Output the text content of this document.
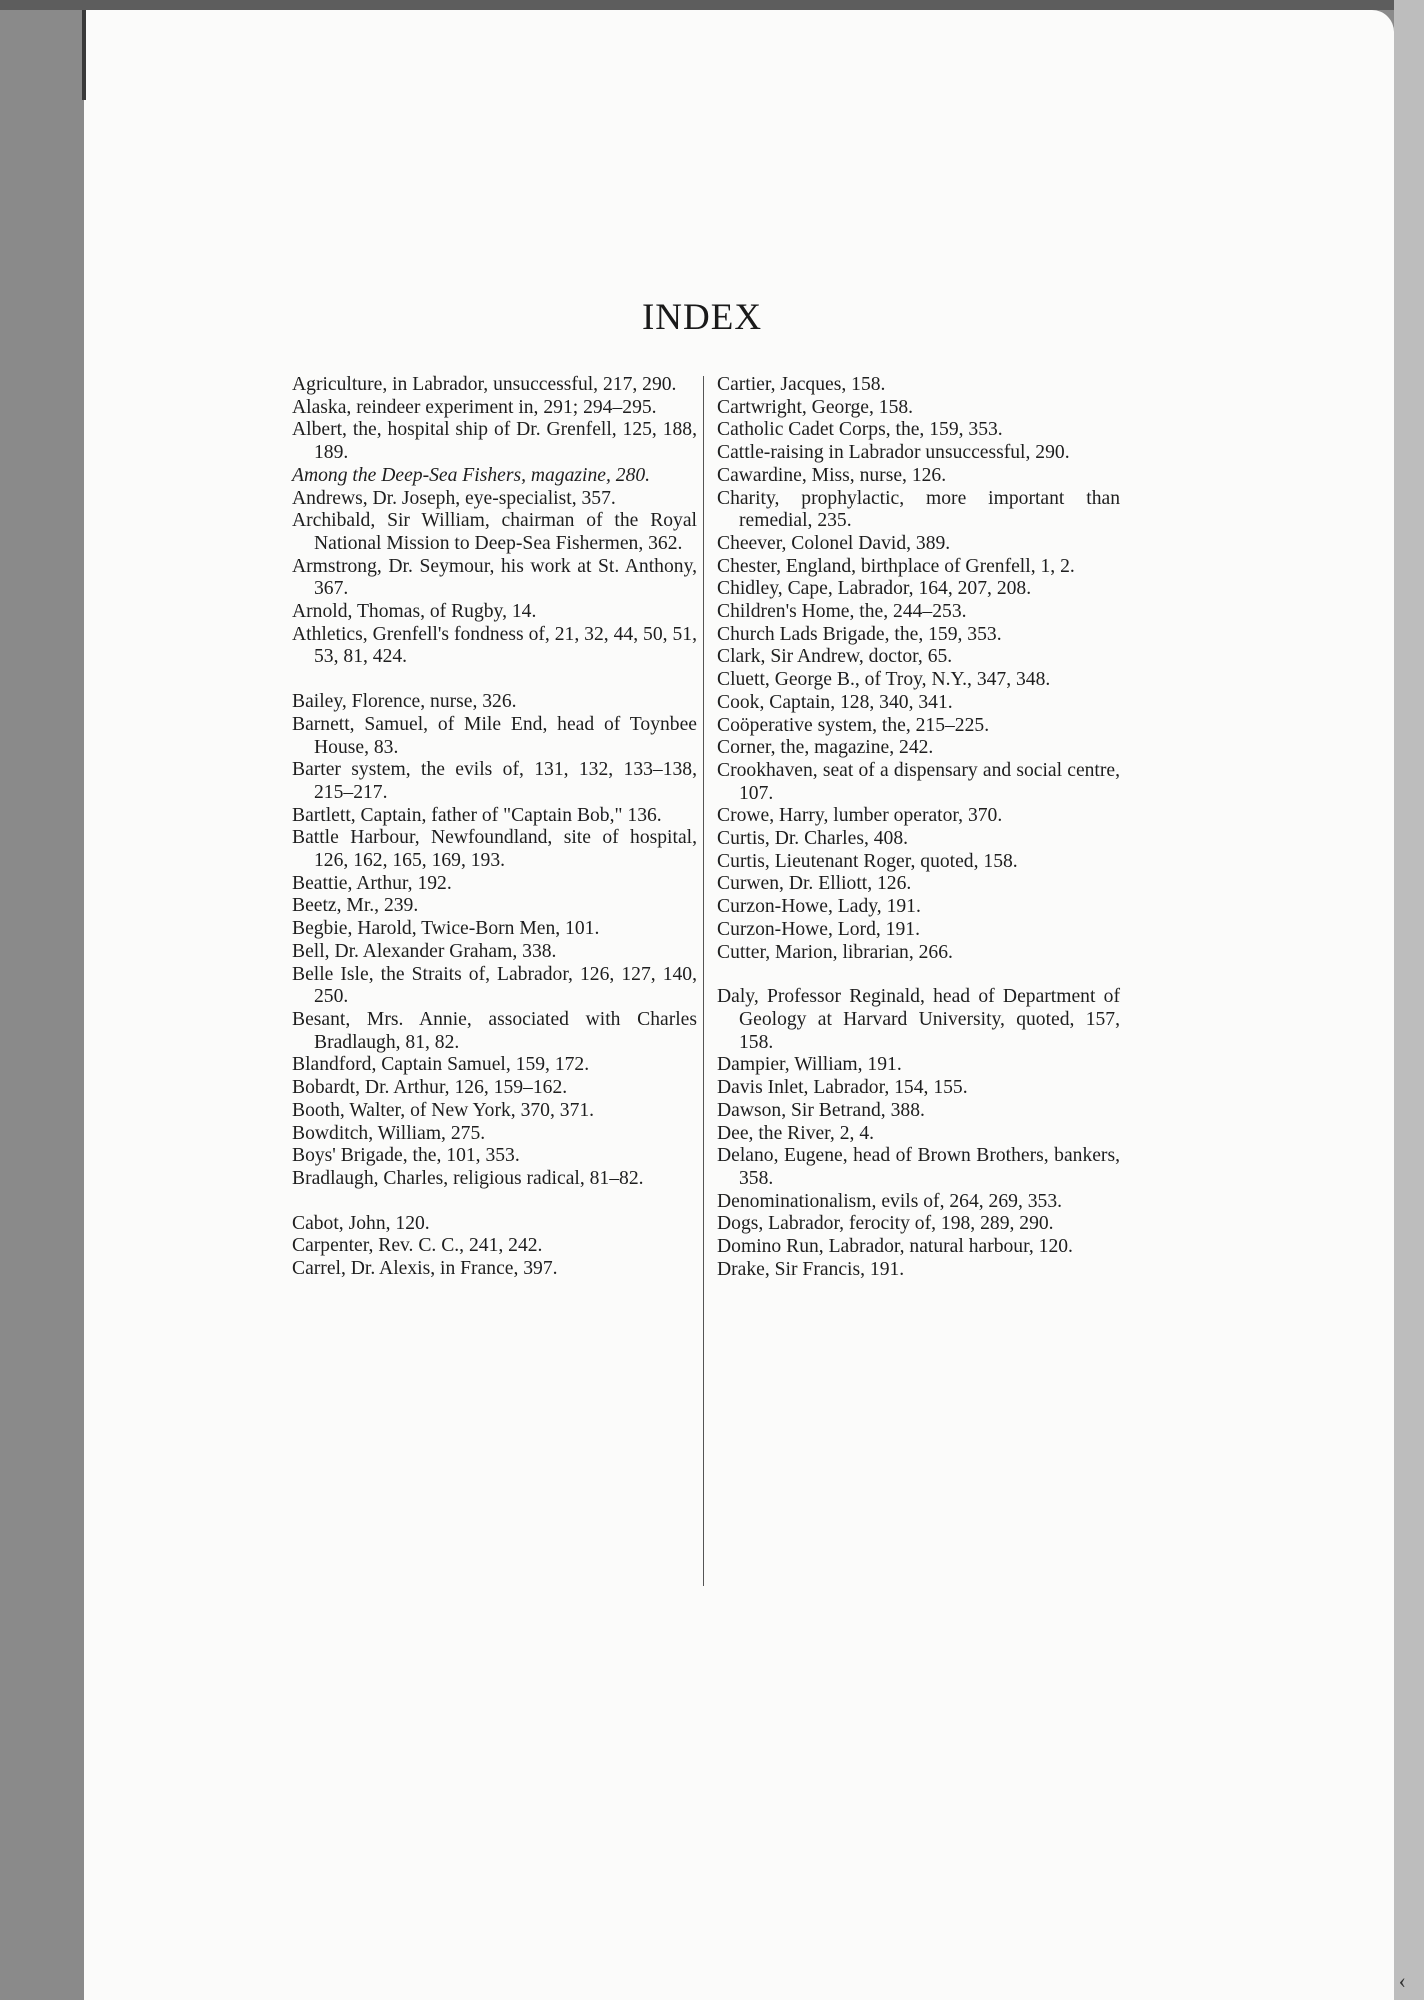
INDEX

Agriculture, in Labrador, unsuccessful, 217, 290.

Alaska, reindeer experiment in, 291; 294–295.

Albert, the, hospital ship of Dr. Grenfell, 125, 188, 189.

Among the Deep-Sea Fishers, magazine, 280.

Andrews, Dr. Joseph, eye-specialist, 357.

Archibald, Sir William, chairman of the Royal National Mission to Deep-Sea Fishermen, 362.

Armstrong, Dr. Seymour, his work at St. Anthony, 367.

Arnold, Thomas, of Rugby, 14.

Athletics, Grenfell's fondness of, 21, 32, 44, 50, 51, 53, 81, 424.

Bailey, Florence, nurse, 326.

Barnett, Samuel, of Mile End, head of Toynbee House, 83.

Barter system, the evils of, 131, 132, 133–138, 215–217.

Bartlett, Captain, father of "Captain Bob," 136.

Battle Harbour, Newfoundland, site of hospital, 126, 162, 165, 169, 193.

Beattie, Arthur, 192.

Beetz, Mr., 239.

Begbie, Harold, Twice-Born Men, 101.

Bell, Dr. Alexander Graham, 338.

Belle Isle, the Straits of, Labrador, 126, 127, 140, 250.

Besant, Mrs. Annie, associated with Charles Bradlaugh, 81, 82.

Blandford, Captain Samuel, 159, 172.

Bobardt, Dr. Arthur, 126, 159–162.

Booth, Walter, of New York, 370, 371.

Bowditch, William, 275.

Boys' Brigade, the, 101, 353.

Bradlaugh, Charles, religious radical, 81–82.

Cabot, John, 120.

Carpenter, Rev. C. C., 241, 242.

Carrel, Dr. Alexis, in France, 397.

Cartier, Jacques, 158.

Cartwright, George, 158.

Catholic Cadet Corps, the, 159, 353.

Cattle-raising in Labrador unsuccessful, 290.

Cawardine, Miss, nurse, 126.

Charity, prophylactic, more important than remedial, 235.

Cheever, Colonel David, 389.

Chester, England, birthplace of Grenfell, 1, 2.

Chidley, Cape, Labrador, 164, 207, 208.

Children's Home, the, 244–253.

Church Lads Brigade, the, 159, 353.

Clark, Sir Andrew, doctor, 65.

Cluett, George B., of Troy, N.Y., 347, 348.

Cook, Captain, 128, 340, 341.

Coöperative system, the, 215–225.

Corner, the, magazine, 242.

Crookhaven, seat of a dispensary and social centre, 107.

Crowe, Harry, lumber operator, 370.

Curtis, Dr. Charles, 408.

Curtis, Lieutenant Roger, quoted, 158.

Curwen, Dr. Elliott, 126.

Curzon-Howe, Lady, 191.

Curzon-Howe, Lord, 191.

Cutter, Marion, librarian, 266.

Daly, Professor Reginald, head of Department of Geology at Harvard University, quoted, 157, 158.

Dampier, William, 191.

Davis Inlet, Labrador, 154, 155.

Dawson, Sir Betrand, 388.

Dee, the River, 2, 4.

Delano, Eugene, head of Brown Brothers, bankers, 358.

Denominationalism, evils of, 264, 269, 353.

Dogs, Labrador, ferocity of, 198, 289, 290.

Domino Run, Labrador, natural harbour, 120.

Drake, Sir Francis, 191.

‹
